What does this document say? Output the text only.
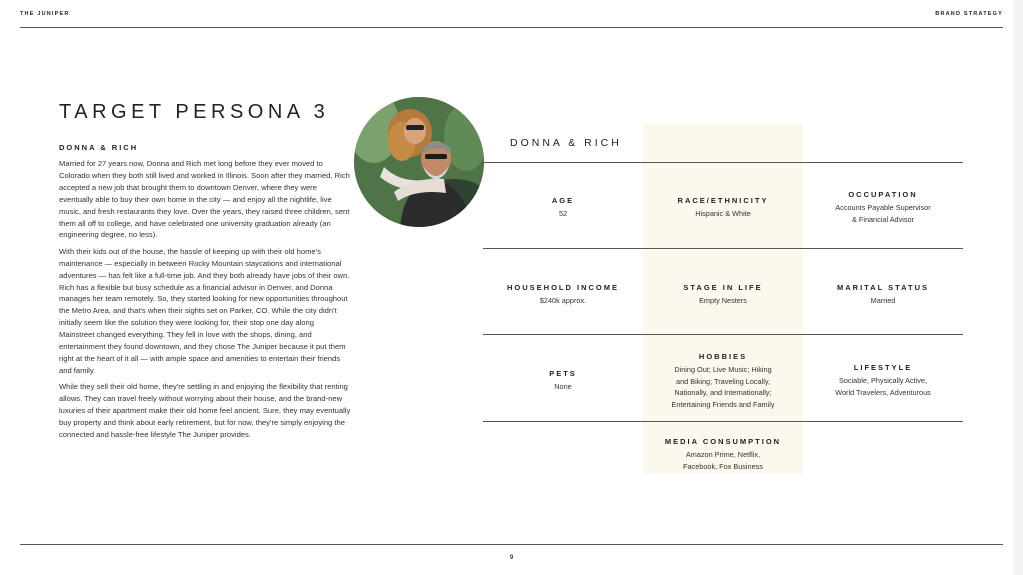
THE JUNIPER	BRAND STRATEGY
TARGET PERSONA 3
DONNA & RICH

Married for 27 years now, Donna and Rich met long before they ever moved to Colorado when they both still lived and worked in Illinois. Soon after they married, Rich accepted a new job that brought them to downtown Denver, where they were eventually able to buy their own home in the city — and enjoy all the nightlife, live music, and fresh restaurants they love. Over the years, they raised three children, sent them all off to college, and have celebrated one university graduation already (an engineering degree, no less).

With their kids out of the house, the hassle of keeping up with their old home's maintenance — especially in between Rocky Mountain staycations and international adventures — has felt like a full-time job. And they both already have jobs of their own. Rich has a flexible but busy schedule as a financial advisor in Denver, and Donna manages her team remotely. So, they started looking for new opportunities throughout the Metro Area, and that's when their sights set on Parker, CO. While the city didn't initially seem like the solution they were looking for, their stop one day along Mainstreet changed everything. They fell in love with the shops, dining, and entertainment they found downtown, and they chose The Juniper because it put them right at the heart of it all — with ample space and amenities to entertain their friends and family.

While they sell their old home, they're settling in and enjoying the flexibility that renting allows. They can travel freely without worrying about their house, and the brand-new luxuries of their apartment make their old home feel ancient. Sure, they may eventually buy property and think about early retirement, but for now, they're simply enjoying the connected and hassle-free lifestyle The Juniper provides.

DONNA & RICH
AGE
52
RACE/ETHNICITY
Hispanic & White
OCCUPATION
Accounts Payable Supervisor
& Financial Advisor
HOUSEHOLD INCOME
$240k approx.
STAGE IN LIFE
Empty Nesters
MARITAL STATUS
Married
PETS
None
HOBBIES
Dining Out; Live Music; Hiking
and Biking; Traveling Locally,
Nationally, and Internationally;
Entertaining Friends and Family
LIFESTYLE
Sociable, Physically Active,
World Travelers, Adventurous
MEDIA CONSUMPTION
Amazon Prime, Netflix,
Facebook, Fox Business
9
